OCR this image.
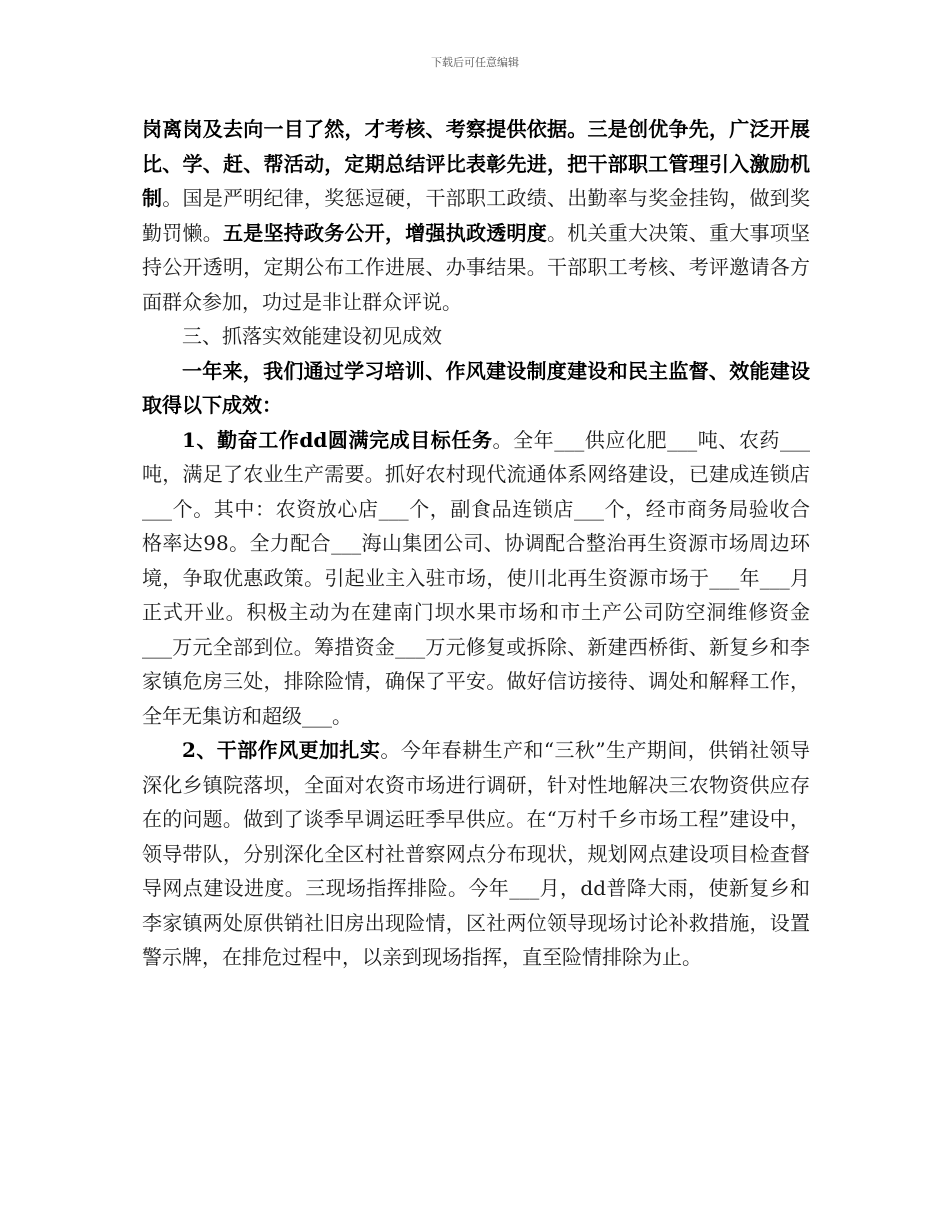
下载后可任意编辑

岗离岗及去向一目了然，才考核、考察提供依据。三是创优争先，广泛开展比、学、赶、帮活动，定期总结评比表彰先进，把干部职工管理引入激励机制。国是严明纪律，奖惩逗硬，干部职工政绩、出勤率与奖金挂钩，做到奖勤罚懒。五是坚持政务公开，增强执政透明度。机关重大决策、重大事项坚持公开透明，定期公布工作进展、办事结果。干部职工考核、考评邀请各方面群众参加，功过是非让群众评说。

三、抓落实效能建设初见成效

一年来，我们通过学习培训、作风建设制度建设和民主监督、效能建设取得以下成效：

1、勤奋工作dd圆满完成目标任务。全年___供应化肥___吨、农药___吨，满足了农业生产需要。抓好农村现代流通体系网络建设，已建成连锁店___个。其中：农资放心店___个，副食品连锁店___个，经市商务局验收合格率达98。全力配合___海山集团公司、协调配合整治再生资源市场周边环境，争取优惠政策。引起业主入驻市场，使川北再生资源市场于___年___月正式开业。积极主动为在建南门坝水果市场和市土产公司防空洞维修资金___万元全部到位。筹措资金___万元修复或拆除、新建西桥街、新复乡和李家镇危房三处，排除险情，确保了平安。做好信访接待、调处和解释工作，全年无集访和超级___。

2、干部作风更加扎实。今年春耕生产和“三秋”生产期间，供销社领导深化乡镇院落坝，全面对农资市场进行调研，针对性地解决三农物资供应存在的问题。做到了谈季早调运旺季早供应。在“万村千乡市场工程”建设中，领导带队，分别深化全区村社普察网点分布现状，规划网点建设项目检查督导网点建设进度。三现场指挥排险。今年___月，dd普降大雨，使新复乡和李家镇两处原供销社旧房出现险情，区社两位领导现场讨论补救措施，设置警示牌，在排危过程中，以亲到现场指挥，直至险情排除为止。
